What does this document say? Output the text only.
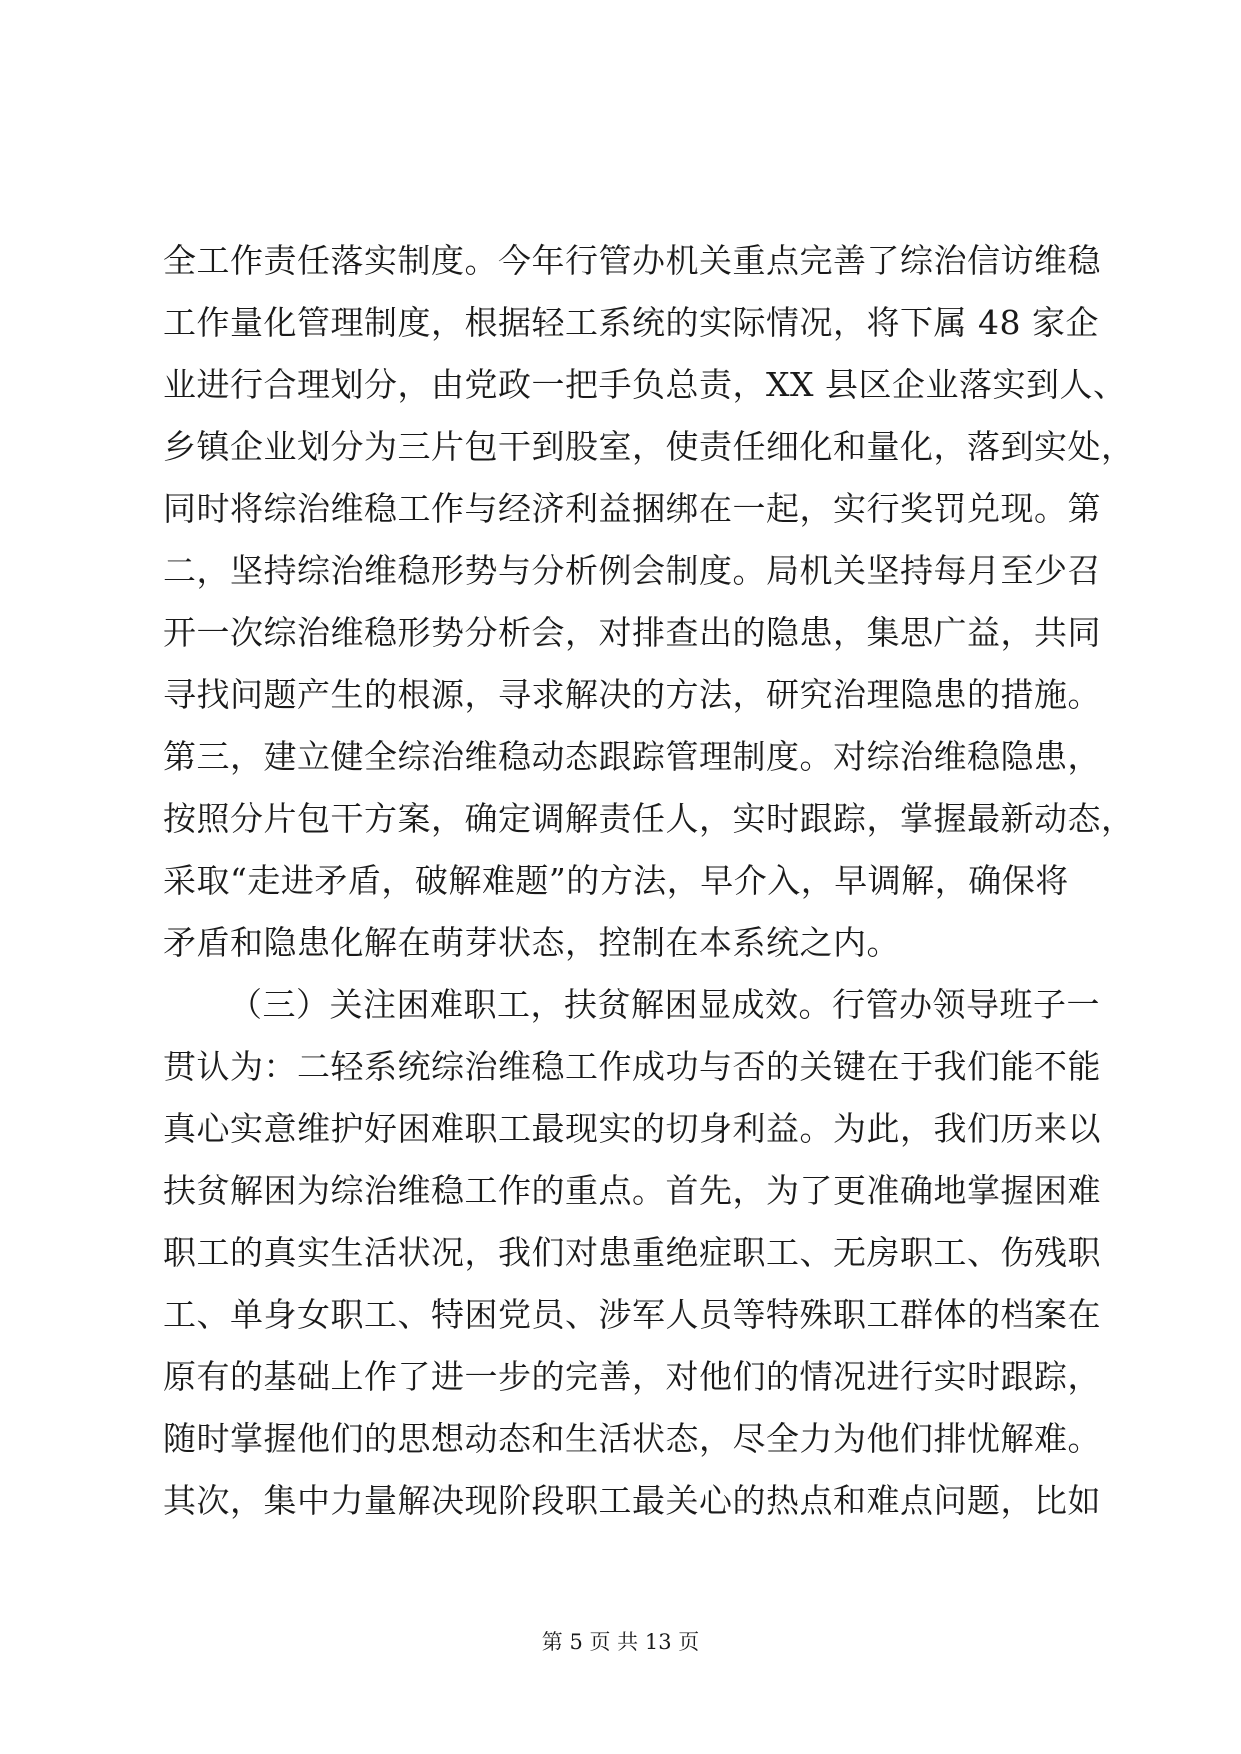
全工作责任落实制度。今年行管办机关重点完善了综治信访维稳
工作量化管理制度，根据轻工系统的实际情况，将下属 48 家企
业进行合理划分，由党政一把手负总责，XX 县区企业落实到人、
乡镇企业划分为三片包干到股室，使责任细化和量化，落到实处，
同时将综治维稳工作与经济利益捆绑在一起，实行奖罚兑现。第
二，坚持综治维稳形势与分析例会制度。局机关坚持每月至少召
开一次综治维稳形势分析会，对排查出的隐患，集思广益，共同
寻找问题产生的根源，寻求解决的方法，研究治理隐患的措施。
第三，建立健全综治维稳动态跟踪管理制度。对综治维稳隐患，
按照分片包干方案，确定调解责任人，实时跟踪，掌握最新动态，
采取“走进矛盾，破解难题”的方法，早介入，早调解，确保将
矛盾和隐患化解在萌芽状态，控制在本系统之内。
（三）关注困难职工，扶贫解困显成效。行管办领导班子一
贯认为：二轻系统综治维稳工作成功与否的关键在于我们能不能
真心实意维护好困难职工最现实的切身利益。为此，我们历来以
扶贫解困为综治维稳工作的重点。首先，为了更准确地掌握困难
职工的真实生活状况，我们对患重绝症职工、无房职工、伤残职
工、单身女职工、特困党员、涉军人员等特殊职工群体的档案在
原有的基础上作了进一步的完善，对他们的情况进行实时跟踪，
随时掌握他们的思想动态和生活状态，尽全力为他们排忧解难。
其次，集中力量解决现阶段职工最关心的热点和难点问题，比如
第 5 页 共 13 页
